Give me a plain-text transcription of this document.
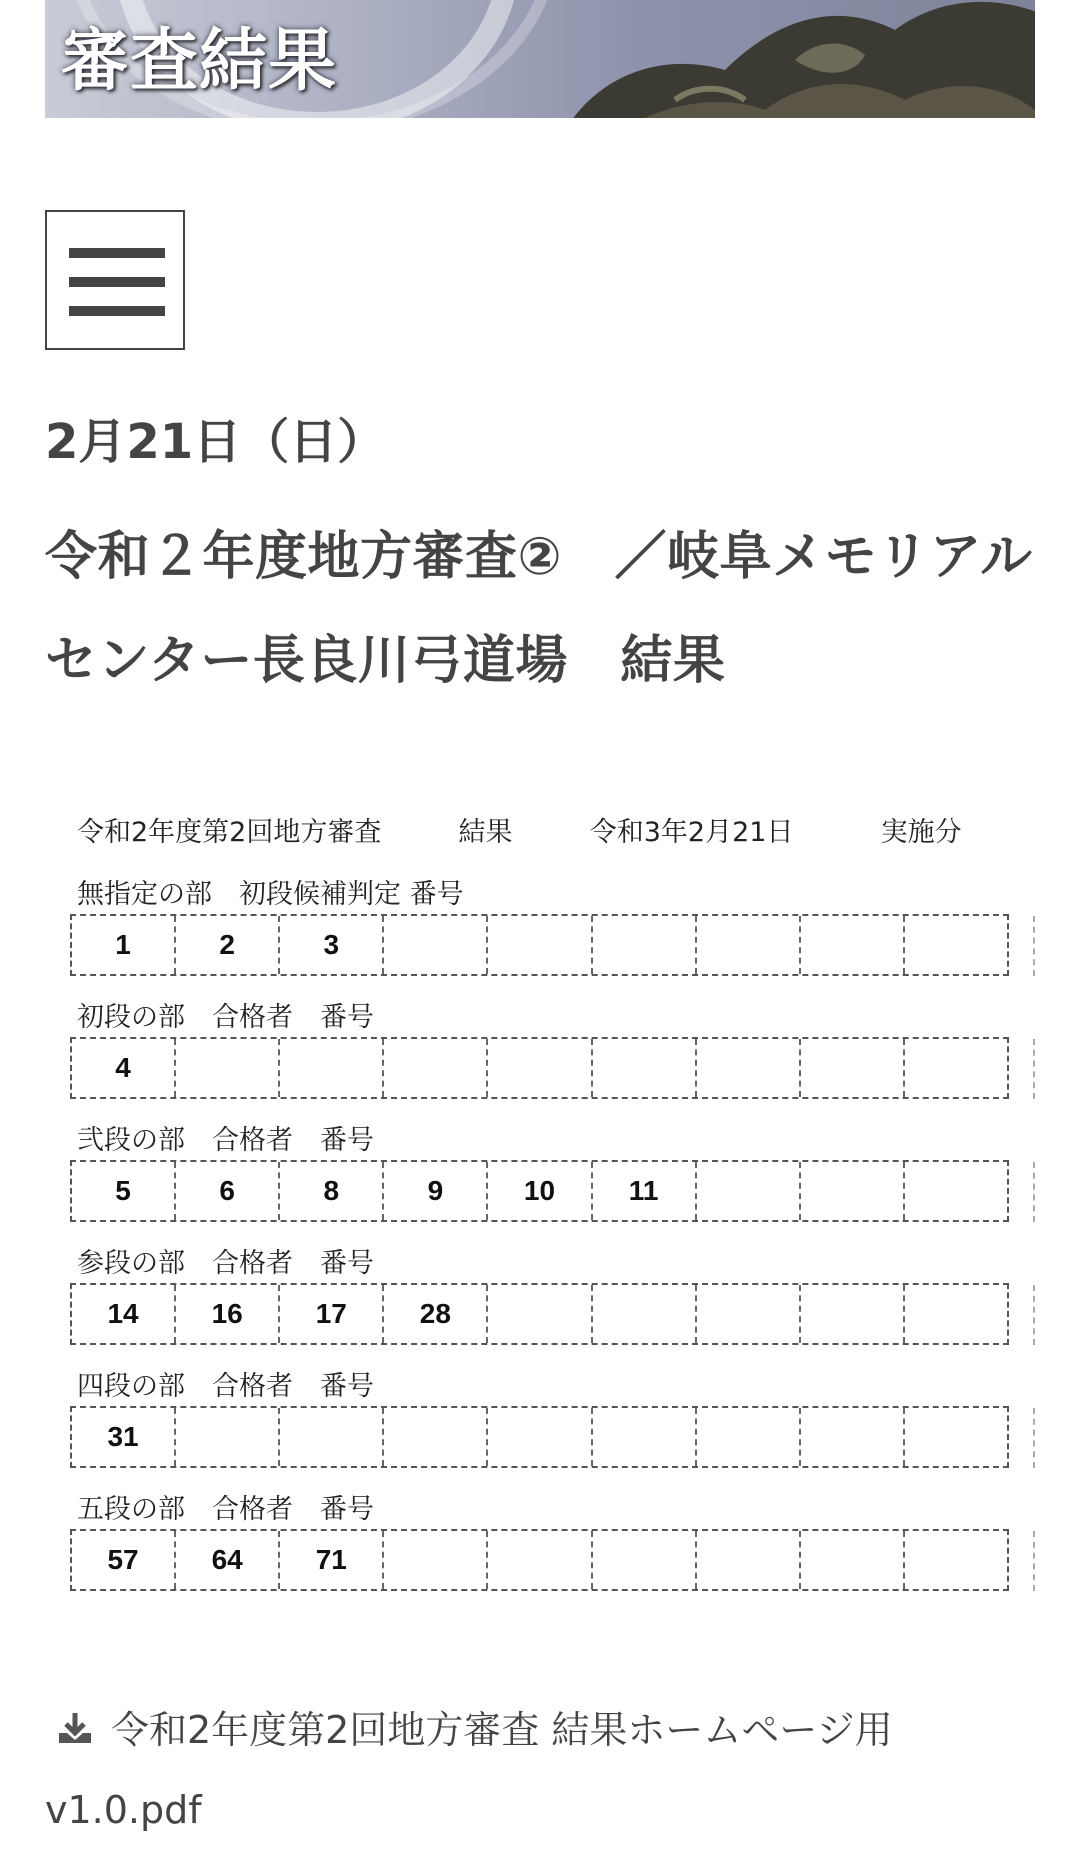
審査結果
2月21日（日）
令和２年度地方審査②　／岐阜メモリアル
センター長良川弓道場　結果
令和2年度第2回地方審査	結果	令和3年2月21日	実施分
無指定の部　初段候補判定 番号
1	2	3
初段の部　合格者　番号
4
弐段の部　合格者　番号
5	6	8	9	10	11
参段の部　合格者　番号
14	16	17	28
四段の部　合格者　番号
31
五段の部　合格者　番号
57	64	71
令和2年度第2回地方審査 結果ホームページ用
v1.0.pdf
